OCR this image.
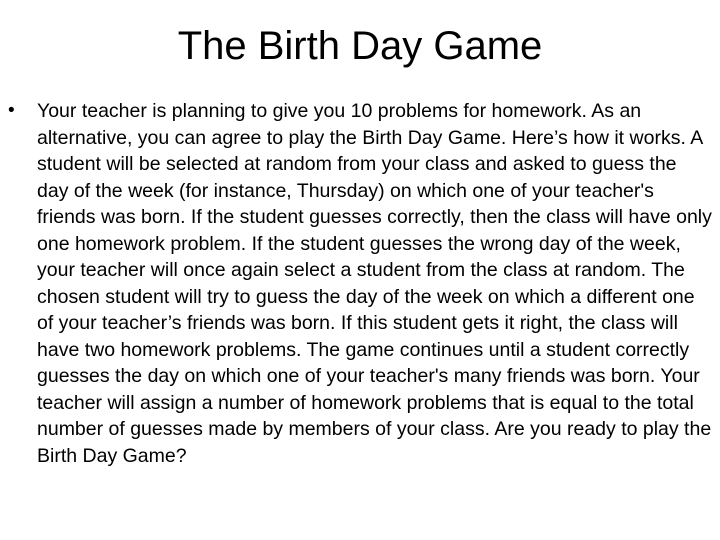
The Birth Day Game
•	Your teacher is planning to give you 10 problems for homework. As an alternative, you can agree to play the Birth Day Game. Here’s how it works. A student will be selected at random from your class and asked to guess the day of the week (for instance, Thursday) on which one of your teacher's friends was born. If the student guesses correctly, then the class will have only one homework problem. If the student guesses the wrong day of the week, your teacher will once again select a student from the class at random. The chosen student will try to guess the day of the week on which a different one of your teacher’s friends was born. If this student gets it right, the class will have two homework problems. The game continues until a student correctly guesses the day on which one of your teacher's many friends was born. Your teacher will assign a number of homework problems that is equal to the total number of guesses made by members of your class. Are you ready to play the Birth Day Game?
